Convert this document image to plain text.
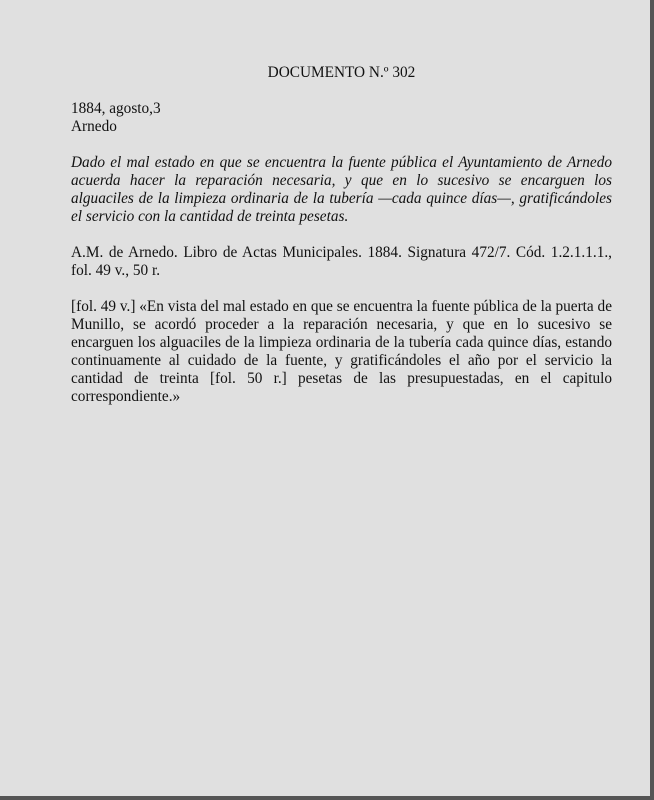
DOCUMENTO N.º 302

1884, agosto,3

Arnedo

Dado el mal estado en que se encuentra la fuente pública el Ayuntamiento de Arnedo acuerda hacer la reparación necesaria, y que en lo sucesivo se encarguen los alguaciles de la limpieza ordinaria de la tubería —cada quince días—, gratificándoles el servicio con la cantidad de treinta pesetas.

A.M. de Arnedo. Libro de Actas Municipales. 1884. Signatura 472/7. Cód. 1.2.1.1.1., fol. 49 v., 50 r.

[fol. 49 v.] «En vista del mal estado en que se encuentra la fuente pública de la puerta de Munillo, se acordó proceder a la reparación necesaria, y que en lo sucesivo se encarguen los alguaciles de la limpieza ordinaria de la tubería cada quince días, estando continuamente al cuidado de la fuente, y gratificándoles el año por el servicio la cantidad de treinta [fol. 50 r.] pesetas de las presupuestadas, en el capitulo correspondiente.»
